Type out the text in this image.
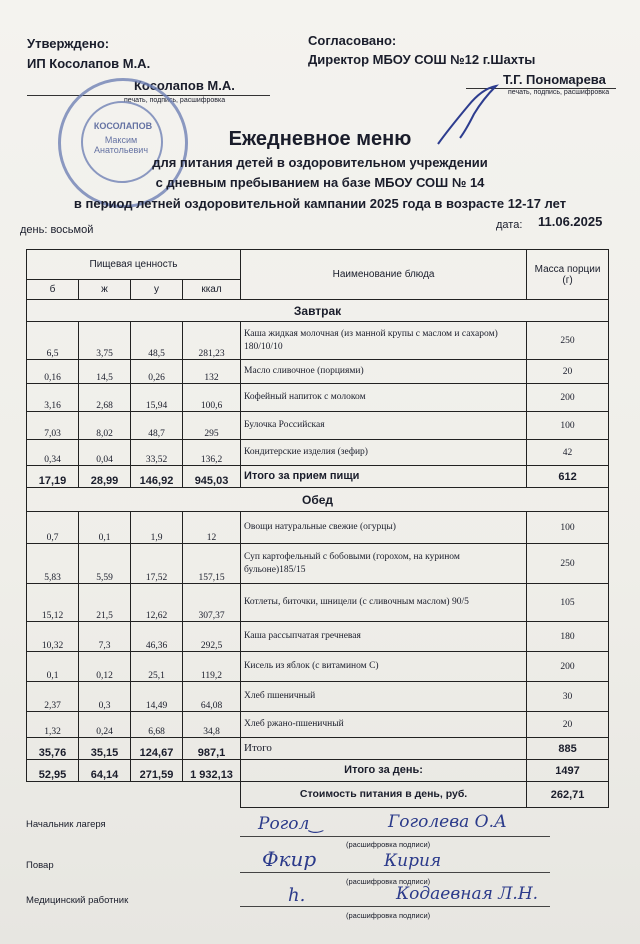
Утверждено:
ИП Косолапов М.А.
Косолапов М.А.
печать, подпись, расшифровка
КОСОЛАПОВ
Максим Анатольевич
Согласовано:
Директор МБОУ СОШ №12 г.Шахты
Т.Г. Пономарева
печать, подпись, расшифровка
Ежедневное меню
для питания детей в оздоровительном учреждении
с дневным пребыванием на базе МБОУ СОШ № 14
в период летней оздоровительной кампании 2025 года в возрасте 12-17 лет
день: восьмой	дата: 11.06.2025
Пищевая ценность				Наименование блюда	Масса порции (г)
б	ж	у	ккал		
Завтрак					
6,5	3,75	48,5	281,23	Каша жидкая молочная (из манной крупы с маслом и сахаром) 180/10/10	250
0,16	14,5	0,26	132	Масло сливочное (порциями)	20
3,16	2,68	15,94	100,6	Кофейный напиток с молоком	200
7,03	8,02	48,7	295	Булочка Российская	100
0,34	0,04	33,52	136,2	Кондитерские изделия (зефир)	42
17,19	28,99	146,92	945,03	Итого за прием пищи	612
Обед					
0,7	0,1	1,9	12	Овощи натуральные свежие (огурцы)	100
5,83	5,59	17,52	157,15	Суп картофельный с бобовыми (горохом, на курином бульоне)185/15	250
15,12	21,5	12,62	307,37	Котлеты, биточки, шницели (с сливочным маслом) 90/5	105
10,32	7,3	46,36	292,5	Каша рассыпчатая гречневая	180
0,1	0,12	25,1	119,2	Кисель из яблок (с витамином С)	200
2,37	0,3	14,49	64,08	Хлеб пшеничный	30
1,32	0,24	6,68	34,8	Хлеб ржано-пшеничный	20
35,76	35,15	124,67	987,1	Итого	885
52,95	64,14	271,59	1 932,13	Итого за день:	1497
				Стоимость питания в день, руб.	262,71
Начальник лагеря	Рогол‿	Гоголева О.А
(расшифровка подписи)
Повар	Фкир	Кирия
(расшифровка подписи)
Медицинский работник	ℎ.	Кодаевная Л.Н.
(расшифровка подписи)
